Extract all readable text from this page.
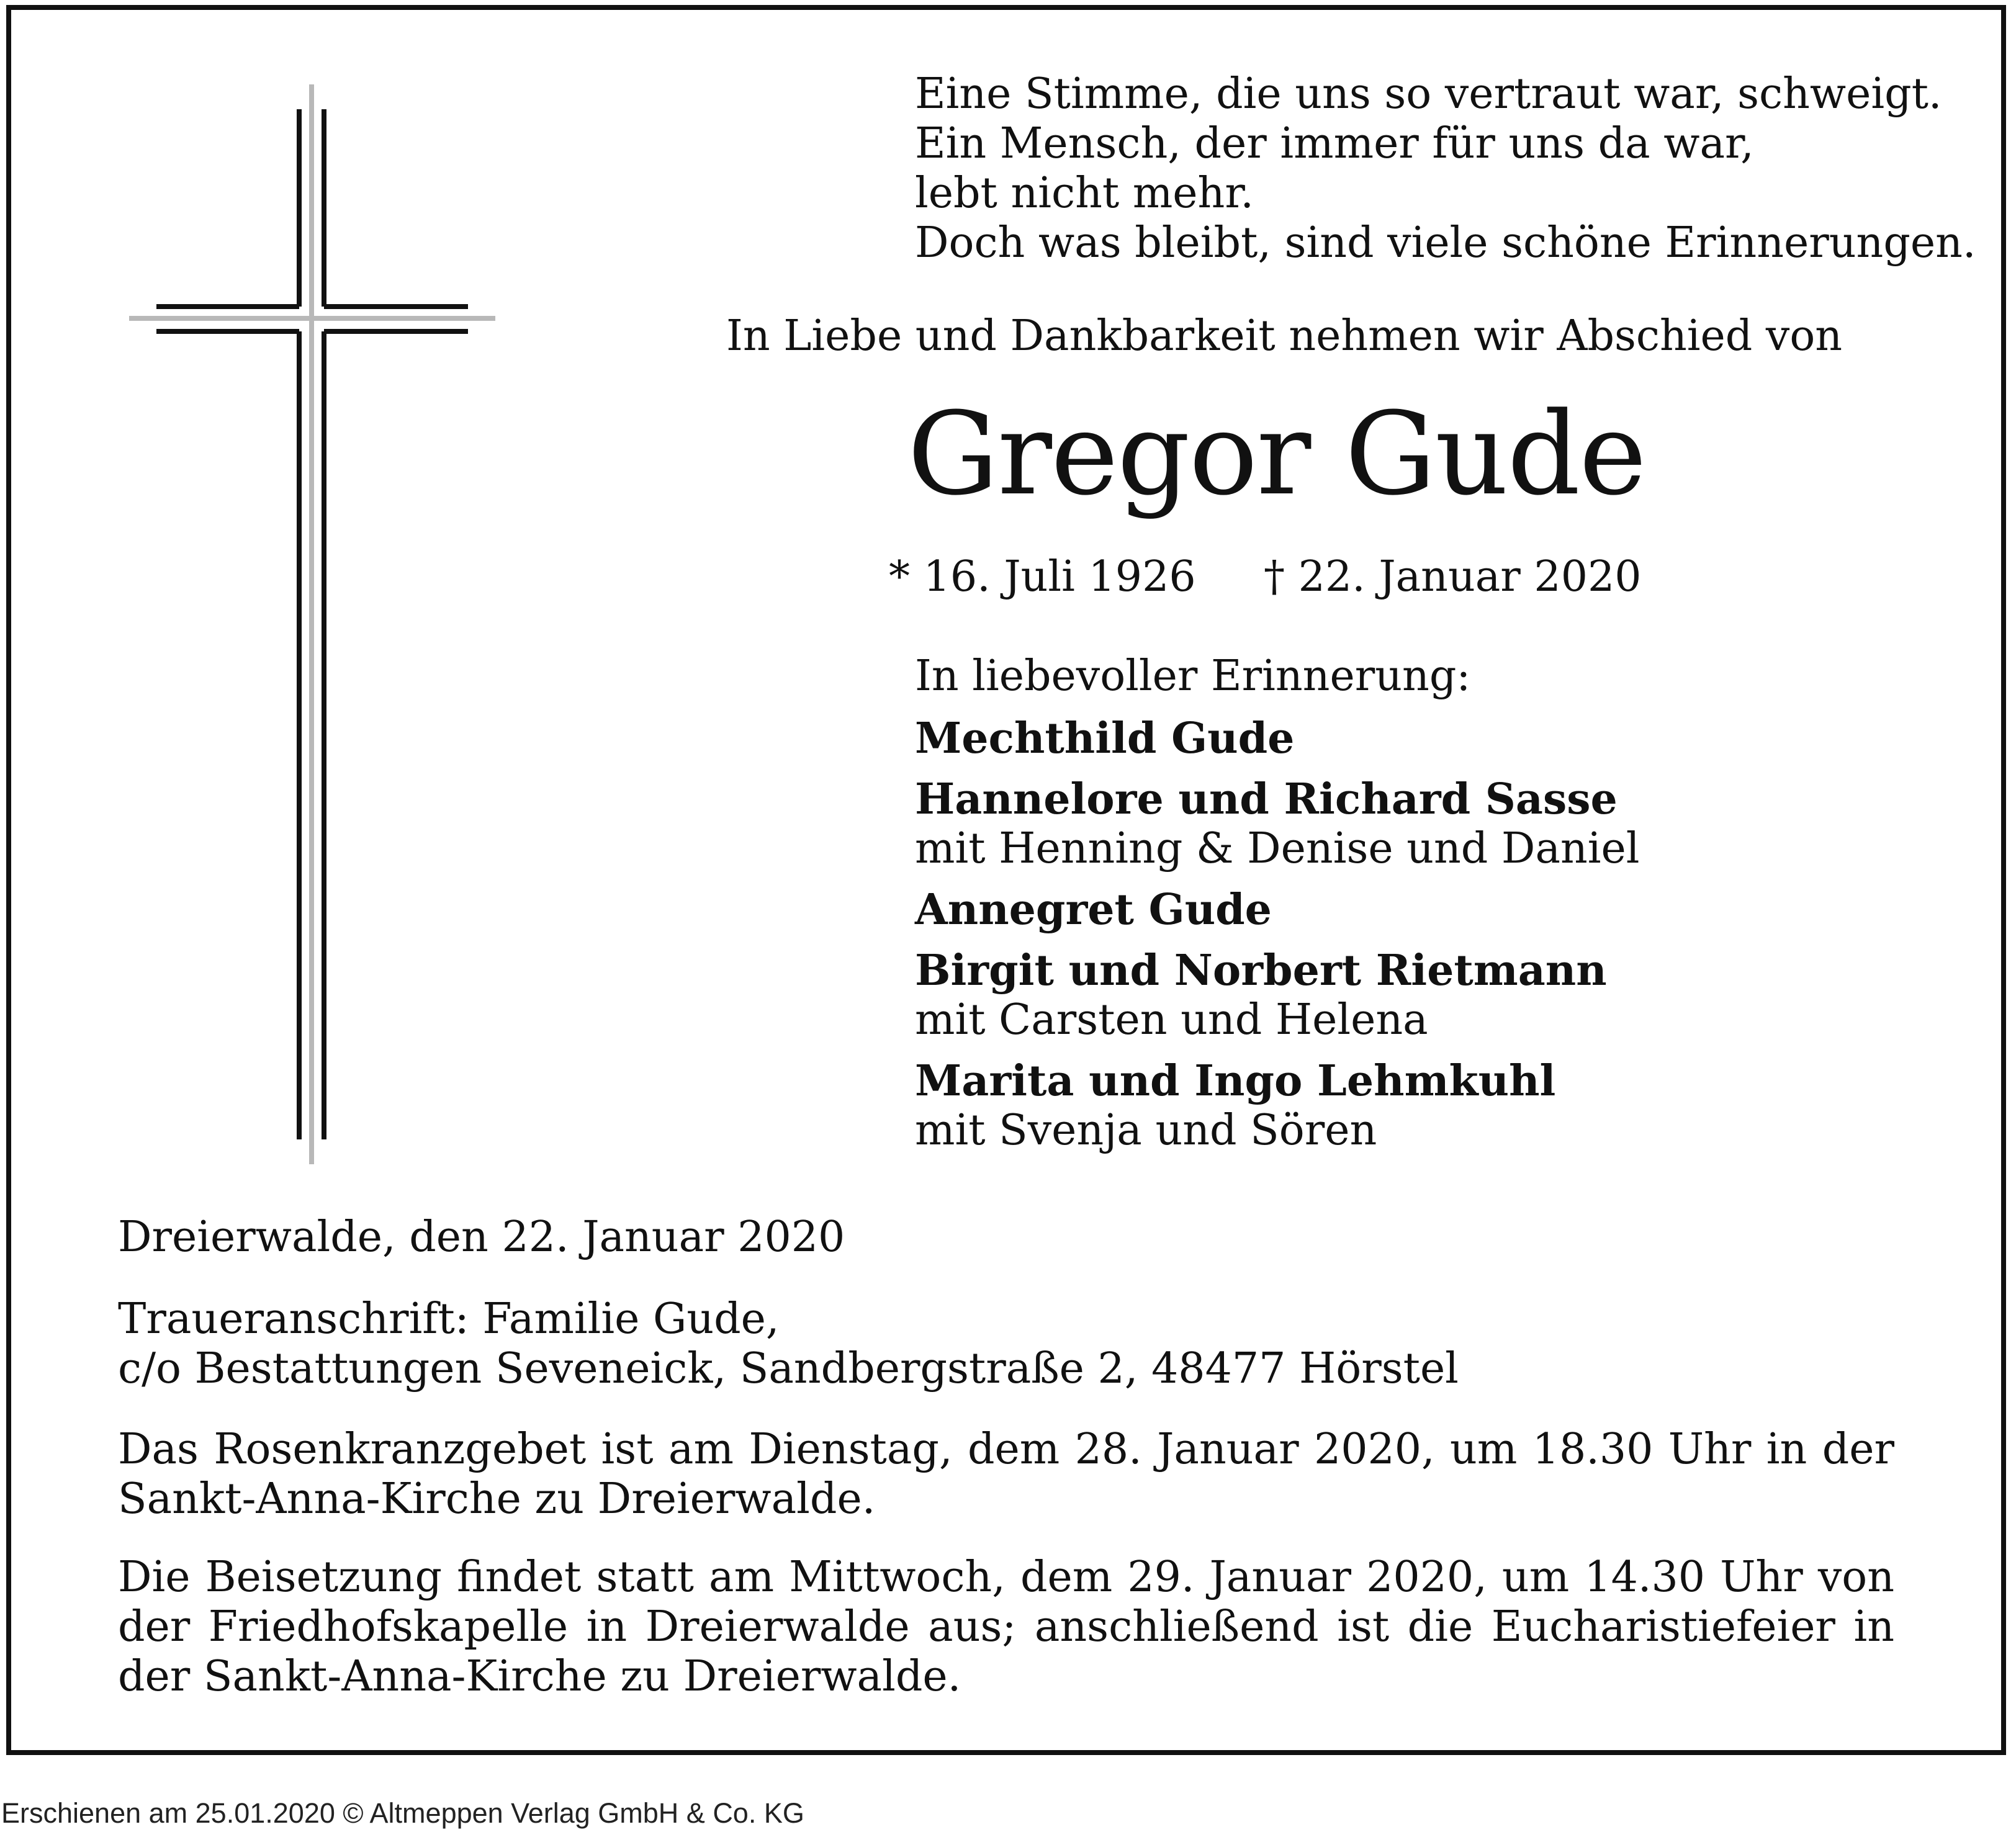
Eine Stimme, die uns so vertraut war, schweigt.
Ein Mensch, der immer für uns da war,
lebt nicht mehr.
Doch was bleibt, sind viele schöne Erinnerungen.
In Liebe und Dankbarkeit nehmen wir Abschied von
Gregor Gude
* 16. Juli 1926 † 22. Januar 2020
In liebevoller Erinnerung:
Mechthild Gude
Hannelore und Richard Sasse
mit Henning & Denise und Daniel
Annegret Gude
Birgit und Norbert Rietmann
mit Carsten und Helena
Marita und Ingo Lehmkuhl
mit Svenja und Sören
Dreierwalde, den 22. Januar 2020
Traueranschrift: Familie Gude,
c/o Bestattungen Seveneick, Sandbergstraße 2, 48477 Hörstel
Das Rosenkranzgebet ist am Dienstag, dem 28. Januar 2020, um 18.30 Uhr in der Sankt-Anna-Kirche zu Dreierwalde.
Die Beisetzung findet statt am Mittwoch, dem 29. Januar 2020, um 14.30 Uhr von der Friedhofskapelle in Dreierwalde aus; anschließend ist die Eucharistiefeier in der Sankt-Anna-Kirche zu Dreierwalde.
Erschienen am 25.01.2020 © Altmeppen Verlag GmbH & Co. KG
